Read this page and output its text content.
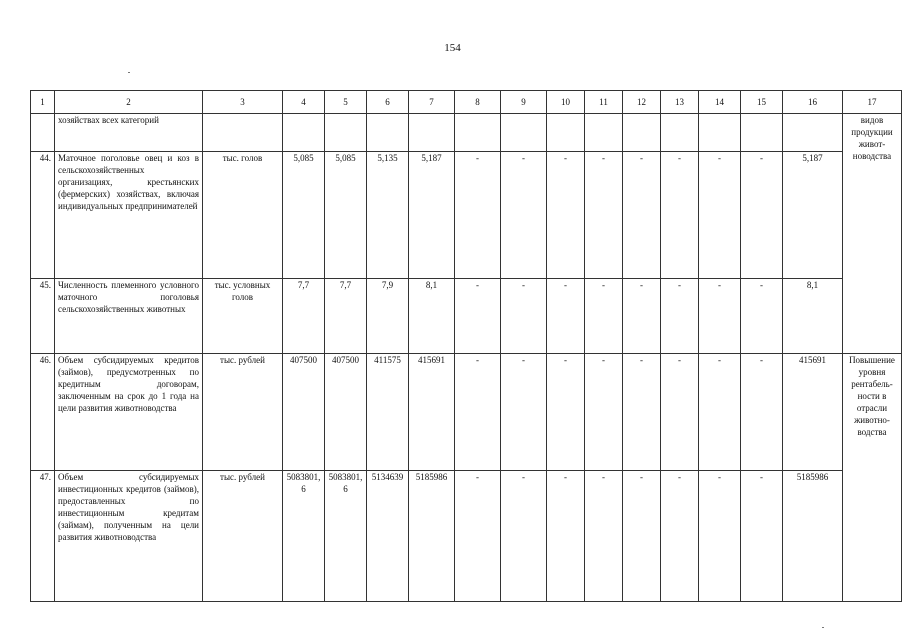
154
1	2	3	4	5	6	7	8	9	10	11	12	13	14	15	16	17
	хозяйствах всех категорий															видов продукции живот-новодства
44.	Маточное поголовье овец и коз в сельскохозяйственных организациях, крестьянских (фермерских) хозяйствах, включая индивидуальных предпринимателей	тыс. голов	5,085	5,085	5,135	5,187	-	-	-	-	-	-	-	-	5,187	
45.	Численность племенного условного маточного поголовья сельскохозяйственных животных	тыс. условных голов	7,7	7,7	7,9	8,1	-	-	-	-	-	-	-	-	8,1	
46.	Объем субсидируемых кредитов (займов), предусмотренных по кредитным договорам, заключенным на срок до 1 года на цели развития животноводства	тыс. рублей	407500	407500	411575	415691	-	-	-	-	-	-	-	-	415691	Повышение уровня рентабель-ности в отрасли животно-водства
47.	Объем субсидируемых инвестиционных кредитов (займов), предоставленных по инвестиционным кредитам (займам), полученным на цели развития животноводства	тыс. рублей	5083801,6	5083801,6	5134639	5185986	-	-	-	-	-	-	-	-	5185986	
